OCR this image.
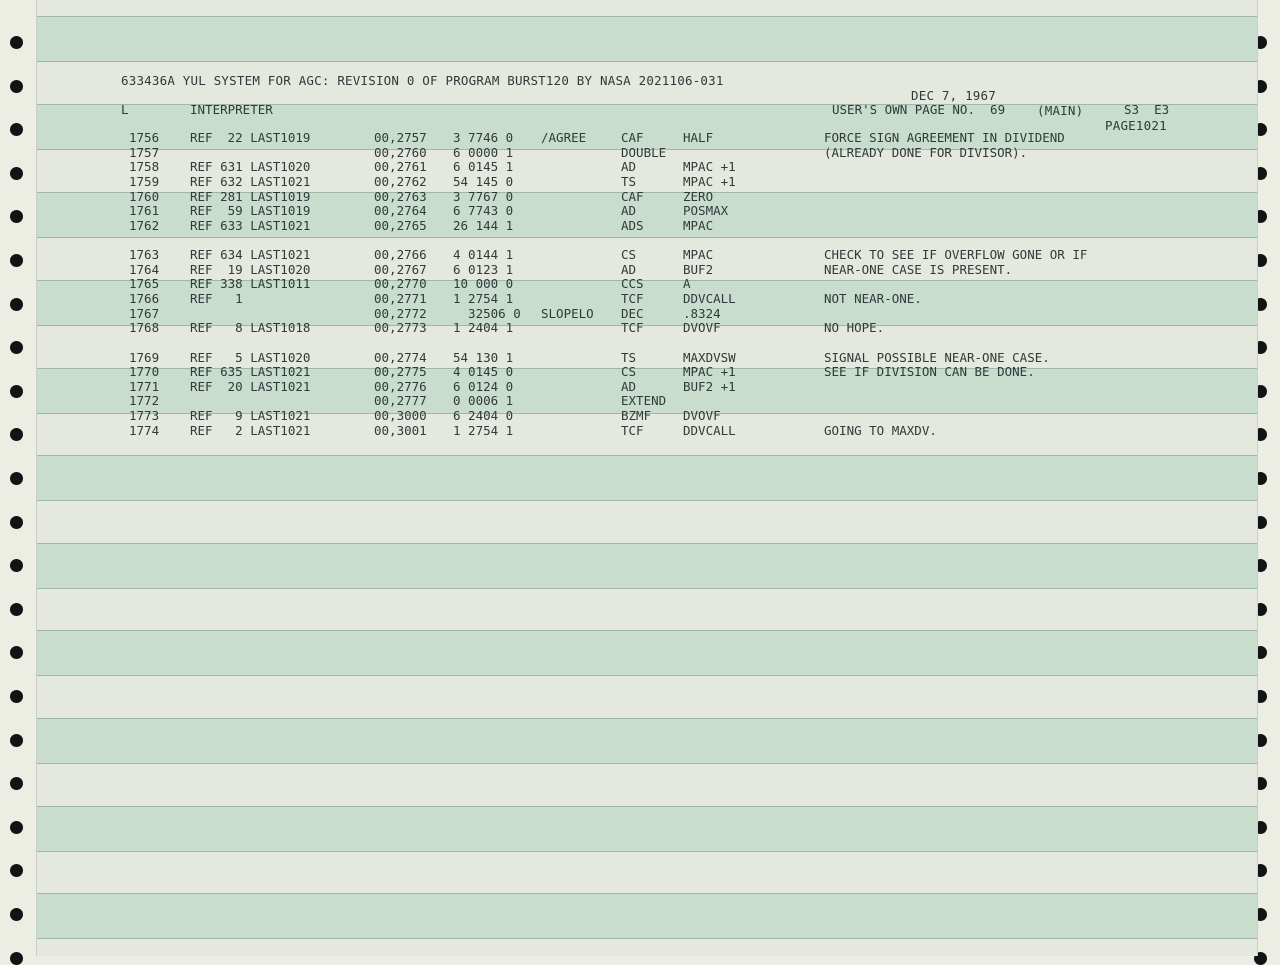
633436A YUL SYSTEM FOR AGC: REVISION 0 OF PROGRAM BURST120 BY NASA 2021106-031

DEC 7, 1967

(MAIN)

PAGE1021

L	INTERPRETER	USER'S OWN PAGE NO.  69	S3  E3
1756 REF  22 LAST1019	00,2757 3 7746 0 /AGREE	CAF	HALF	FORCE SIGN AGREEMENT IN DIVIDEND
1757	00,2760 6 0000 1	DOUBLE	(ALREADY DONE FOR DIVISOR).
1758 REF 631 LAST1020	00,2761 6 0145 1	AD	MPAC +1
1759 REF 632 LAST1021	00,2762 54 145 0	TS	MPAC +1
1760 REF 281 LAST1019	00,2763 3 7767 0	CAF	ZERO
1761 REF  59 LAST1019	00,2764 6 7743 0	AD	POSMAX
1762 REF 633 LAST1021	00,2765 26 144 1	ADS	MPAC
1763 REF 634 LAST1021	00,2766 4 0144 1	CS	MPAC	CHECK TO SEE IF OVERFLOW GONE OR IF
1764 REF  19 LAST1020	00,2767 6 0123 1	AD	BUF2	NEAR-ONE CASE IS PRESENT.
1765 REF 338 LAST1011	00,2770 10 000 0	CCS	A
1766 REF   1	00,2771 1 2754 1	TCF	DDVCALL	NOT NEAR-ONE.
1767	00,2772 32506 0 SLOPELO DEC	.8324
1768 REF   8 LAST1018	00,2773 1 2404 1	TCF	DVOVF	NO HOPE.
1769 REF   5 LAST1020	00,2774 54 130 1	TS	MAXDVSW	SIGNAL POSSIBLE NEAR-ONE CASE.
1770 REF 635 LAST1021	00,2775 4 0145 0	CS	MPAC +1	SEE IF DIVISION CAN BE DONE.
1771 REF  20 LAST1021	00,2776 6 0124 0	AD	BUF2 +1
1772	00,2777 0 0006 1	EXTEND
1773 REF   9 LAST1021	00,3000 6 2404 0	BZMF	DVOVF
1774 REF   2 LAST1021	00,3001 1 2754 1	TCF	DDVCALL	GOING TO MAXDV.
